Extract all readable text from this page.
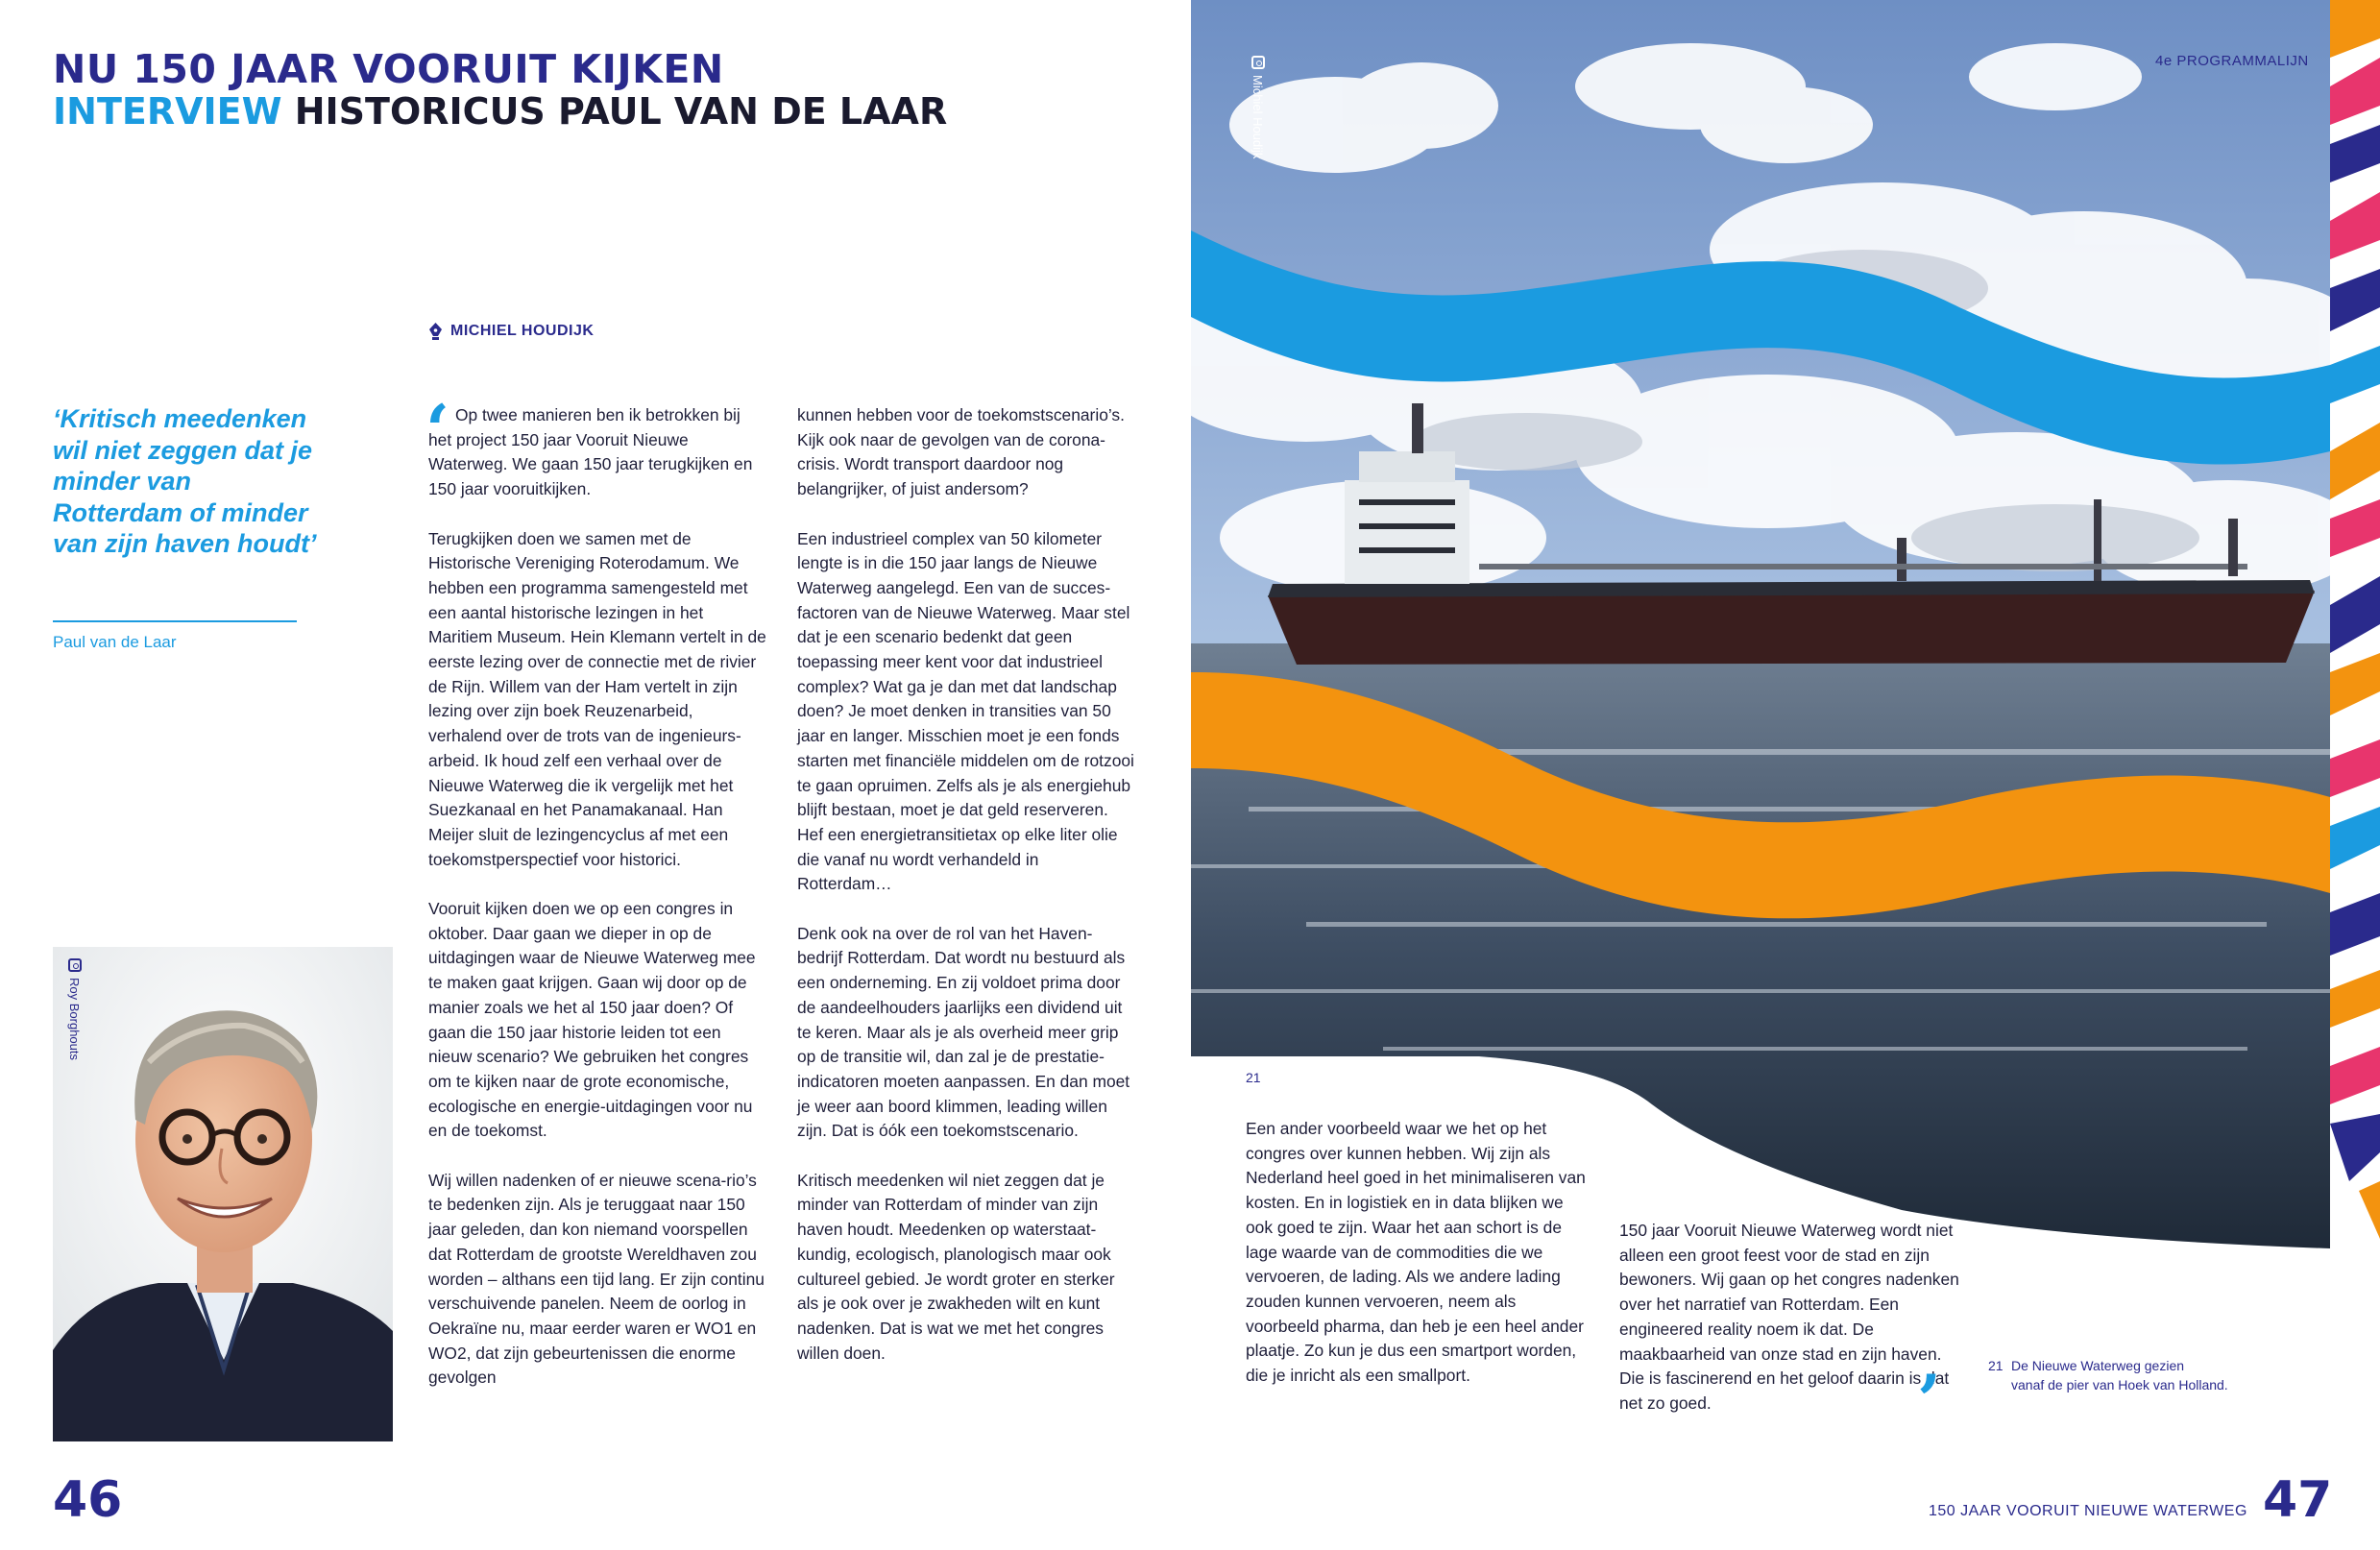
NU 150 JAAR VOORUIT KIJKEN
INTERVIEW HISTORICUS PAUL VAN DE LAAR
MICHIEL HOUDIJK
‘Kritisch meedenken wil niet zeggen dat je minder van Rotterdam of minder van zijn haven houdt’
Paul van de Laar
Roy Borghouts
‘ Op twee manieren ben ik betrokken bij het project 150 jaar Vooruit Nieuwe Waterweg. We gaan 150 jaar terugkijken en 150 jaar vooruitkijken.

Terugkijken doen we samen met de Historische Vereniging Roterodamum. We hebben een programma samengesteld met een aantal historische lezingen in het Maritiem Museum. Hein Klemann vertelt in de eerste lezing over de connectie met de rivier de Rijn. Willem van der Ham vertelt in zijn lezing over zijn boek Reuzenarbeid, verhalend over de trots van de ingenieurs-arbeid. Ik houd zelf een verhaal over de Nieuwe Waterweg die ik vergelijk met het Suezkanaal en het Panamakanaal. Han Meijer sluit de lezingencyclus af met een toekomstperspectief voor historici.

Vooruit kijken doen we op een congres in oktober. Daar gaan we dieper in op de uitdagingen waar de Nieuwe Waterweg mee te maken gaat krijgen. Gaan wij door op de manier zoals we het al 150 jaar doen? Of gaan die 150 jaar historie leiden tot een nieuw scenario? We gebruiken het congres om te kijken naar de grote economische, ecologische en energie-uitdagingen voor nu en de toekomst.

Wij willen nadenken of er nieuwe scena-rio’s te bedenken zijn. Als je teruggaat naar 150 jaar geleden, dan kon niemand voorspellen dat Rotterdam de grootste Wereldhaven zou worden – althans een tijd lang. Er zijn continu verschuivende panelen. Neem de oorlog in Oekraïne nu, maar eerder waren er WO1 en WO2, dat zijn gebeurtenissen die enorme gevolgen

kunnen hebben voor de toekomstscenario’s. Kijk ook naar de gevolgen van de corona-crisis. Wordt transport daardoor nog belangrijker, of juist andersom?

Een industrieel complex van 50 kilometer lengte is in die 150 jaar langs de Nieuwe Waterweg aangelegd. Een van de succes-factoren van de Nieuwe Waterweg. Maar stel dat je een scenario bedenkt dat geen toepassing meer kent voor dat industrieel complex? Wat ga je dan met dat landschap doen? Je moet denken in transities van 50 jaar en langer. Misschien moet je een fonds starten met financiële middelen om de rotzooi te gaan opruimen. Zelfs als je als energiehub blijft bestaan, moet je dat geld reserveren. Hef een energietransitietax op elke liter olie die vanaf nu wordt verhandeld in Rotterdam…

Denk ook na over de rol van het Haven-bedrijf Rotterdam. Dat wordt nu bestuurd als een onderneming. En zij voldoet prima door de aandeelhouders jaarlijks een dividend uit te keren. Maar als je als overheid meer grip op de transitie wil, dan zal je de prestatie-indicatoren moeten aanpassen. En dan moet je weer aan boord klimmen, leading willen zijn. Dat is óók een toekomstscenario.

Kritisch meedenken wil niet zeggen dat je minder van Rotterdam of minder van zijn haven houdt. Meedenken op waterstaat-kundig, ecologisch, planologisch maar ook cultureel gebied. Je wordt groter en sterker als je ook over je zwakheden wilt en kunt nadenken. Dat is wat we met het congres willen doen.

46
Michiel Houdijk
4e PROGRAMMALIJN
21

Een ander voorbeeld waar we het op het congres over kunnen hebben. Wij zijn als Nederland heel goed in het minimaliseren van kosten. En in logistiek en in data blijken we ook goed te zijn. Waar het aan schort is de lage waarde van de commodities die we vervoeren, de lading. Als we andere lading zouden kunnen vervoeren, neem als voorbeeld pharma, dan heb je een heel ander plaatje. Zo kun je dus een smartport worden, die je inricht als een smallport.

150 jaar Vooruit Nieuwe Waterweg wordt niet alleen een groot feest voor de stad en zijn bewoners. Wij gaan op het congres nadenken over het narratief van Rotterdam. Een engineered reality noem ik dat. De maakbaarheid van onze stad en zijn haven. Die is fascinerend en het geloof daarin is dat net zo goed.	’	21 De Nieuwe Waterweg gezien
vanaf de pier van Hoek van Holland.
150 JAAR VOORUIT NIEUWE WATERWEG 47
